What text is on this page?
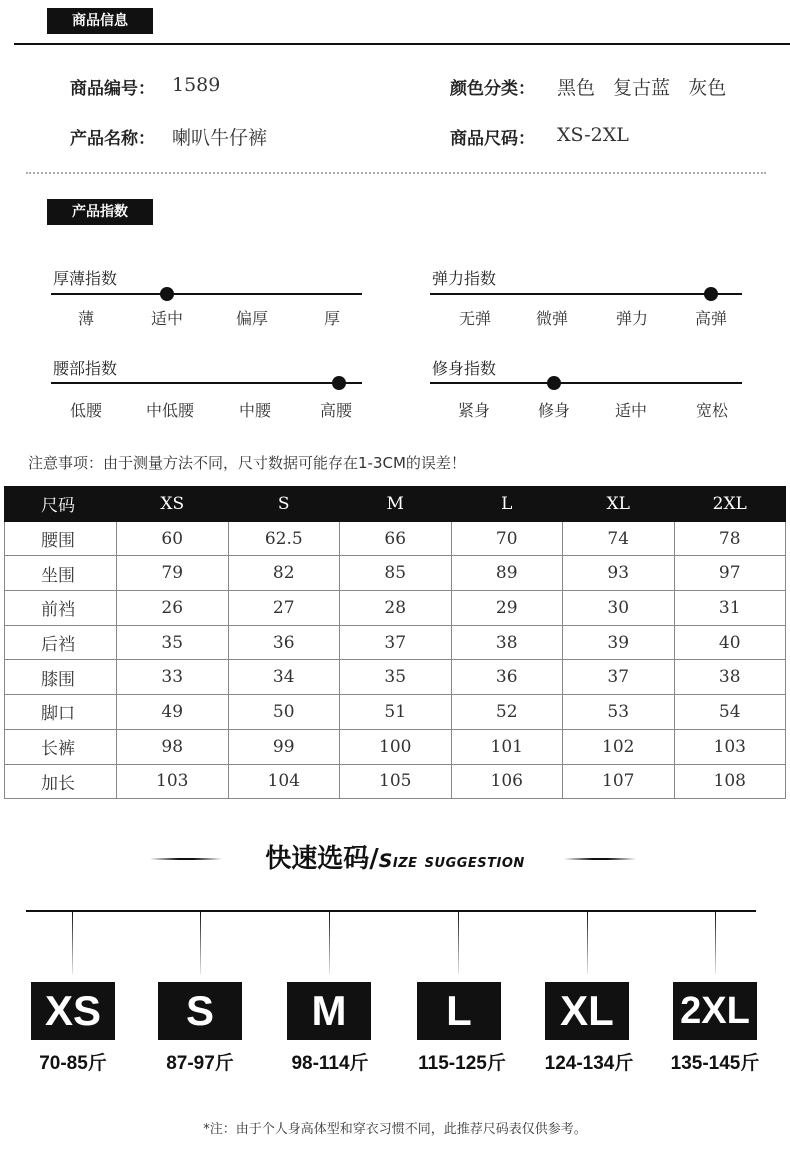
商品信息
商品编号： 1589	颜色分类： 黑色   复古蓝   灰色
产品名称： 喇叭牛仔裤	商品尺码： XS-2XL
产品指数
厚薄指数
薄	适中	偏厚	厚
弹力指数
无弹	微弹	弹力	高弹
腰部指数
低腰	中低腰	中腰	高腰
修身指数
紧身	修身	适中	宽松
注意事项：由于测量方法不同，尺寸数据可能存在1-3CM的误差！
尺码	XS	S	M	L	XL	2XL
腰围	60	62.5	66	70	74	78
坐围	79	82	85	89	93	97
前裆	26	27	28	29	30	31
后裆	35	36	37	38	39	40
膝围	33	34	35	36	37	38
脚口	49	50	51	52	53	54
长裤	98	99	100	101	102	103
加长	103	104	105	106	107	108
快速选码/Size suggestion
XS	S	M	L	XL	2XL
70-85斤	87-97斤	98-114斤	115-125斤	124-134斤	135-145斤
*注：由于个人身高体型和穿衣习惯不同，此推荐尺码表仅供参考。
